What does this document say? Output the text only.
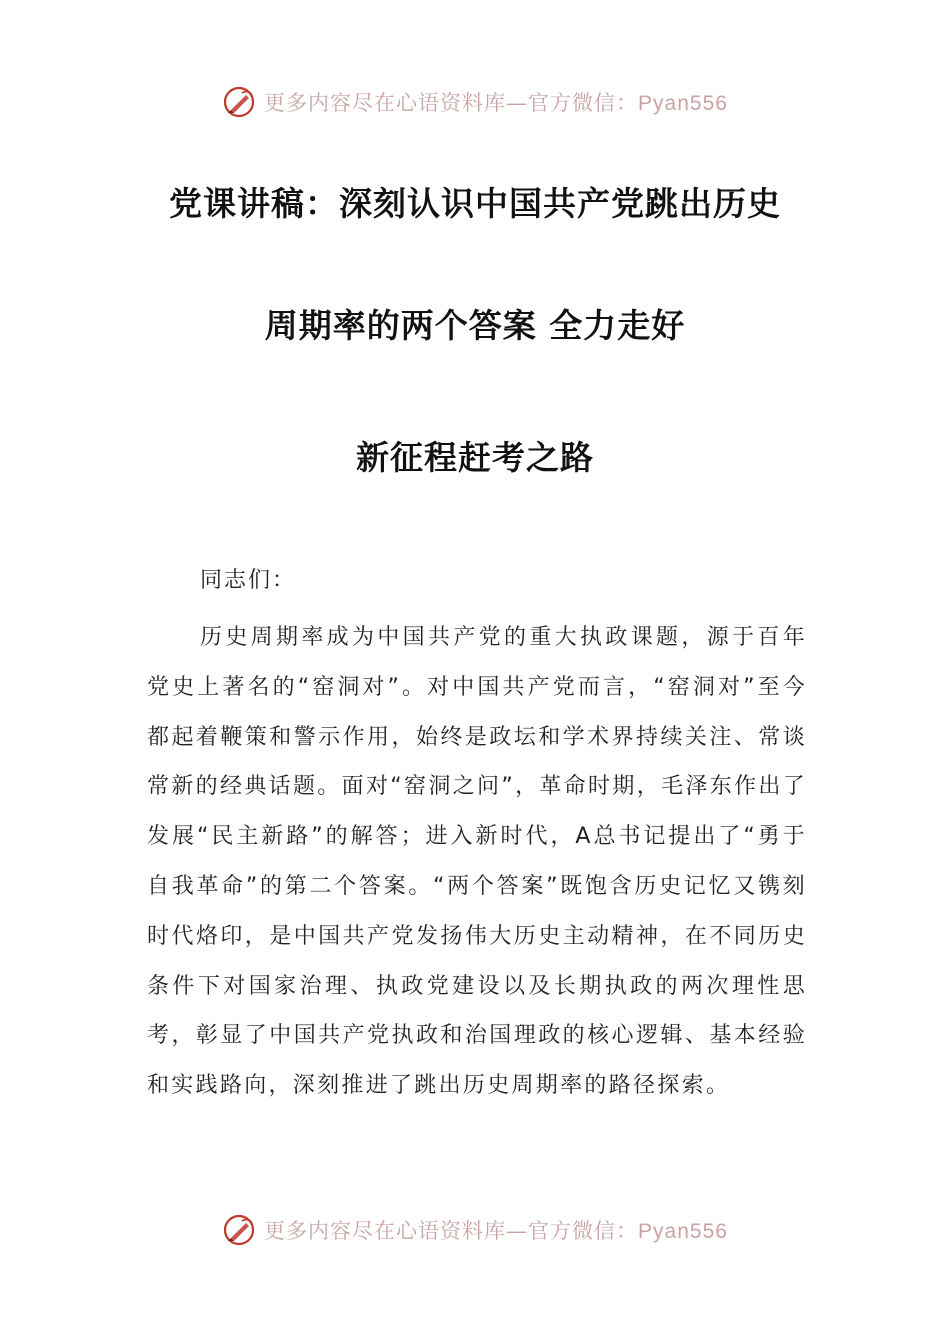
更多内容尽在心语资料库—官方微信：Pyan556
党课讲稿：深刻认识中国共产党跳出历史
周期率的两个答案 全力走好
新征程赶考之路
同志们：
历史周期率成为中国共产党的重大执政课题，源于百年党史上著名的“窑洞对”。对中国共产党而言，“窑洞对”至今都起着鞭策和警示作用，始终是政坛和学术界持续关注、常谈常新的经典话题。面对“窑洞之问”，革命时期，毛泽东作出了发展“民主新路”的解答；进入新时代，A总书记提出了“勇于自我革命”的第二个答案。“两个答案”既饱含历史记忆又镌刻时代烙印，是中国共产党发扬伟大历史主动精神，在不同历史条件下对国家治理、执政党建设以及长期执政的两次理性思考，彰显了中国共产党执政和治国理政的核心逻辑、基本经验和实践路向，深刻推进了跳出历史周期率的路径探索。
更多内容尽在心语资料库—官方微信：Pyan556
